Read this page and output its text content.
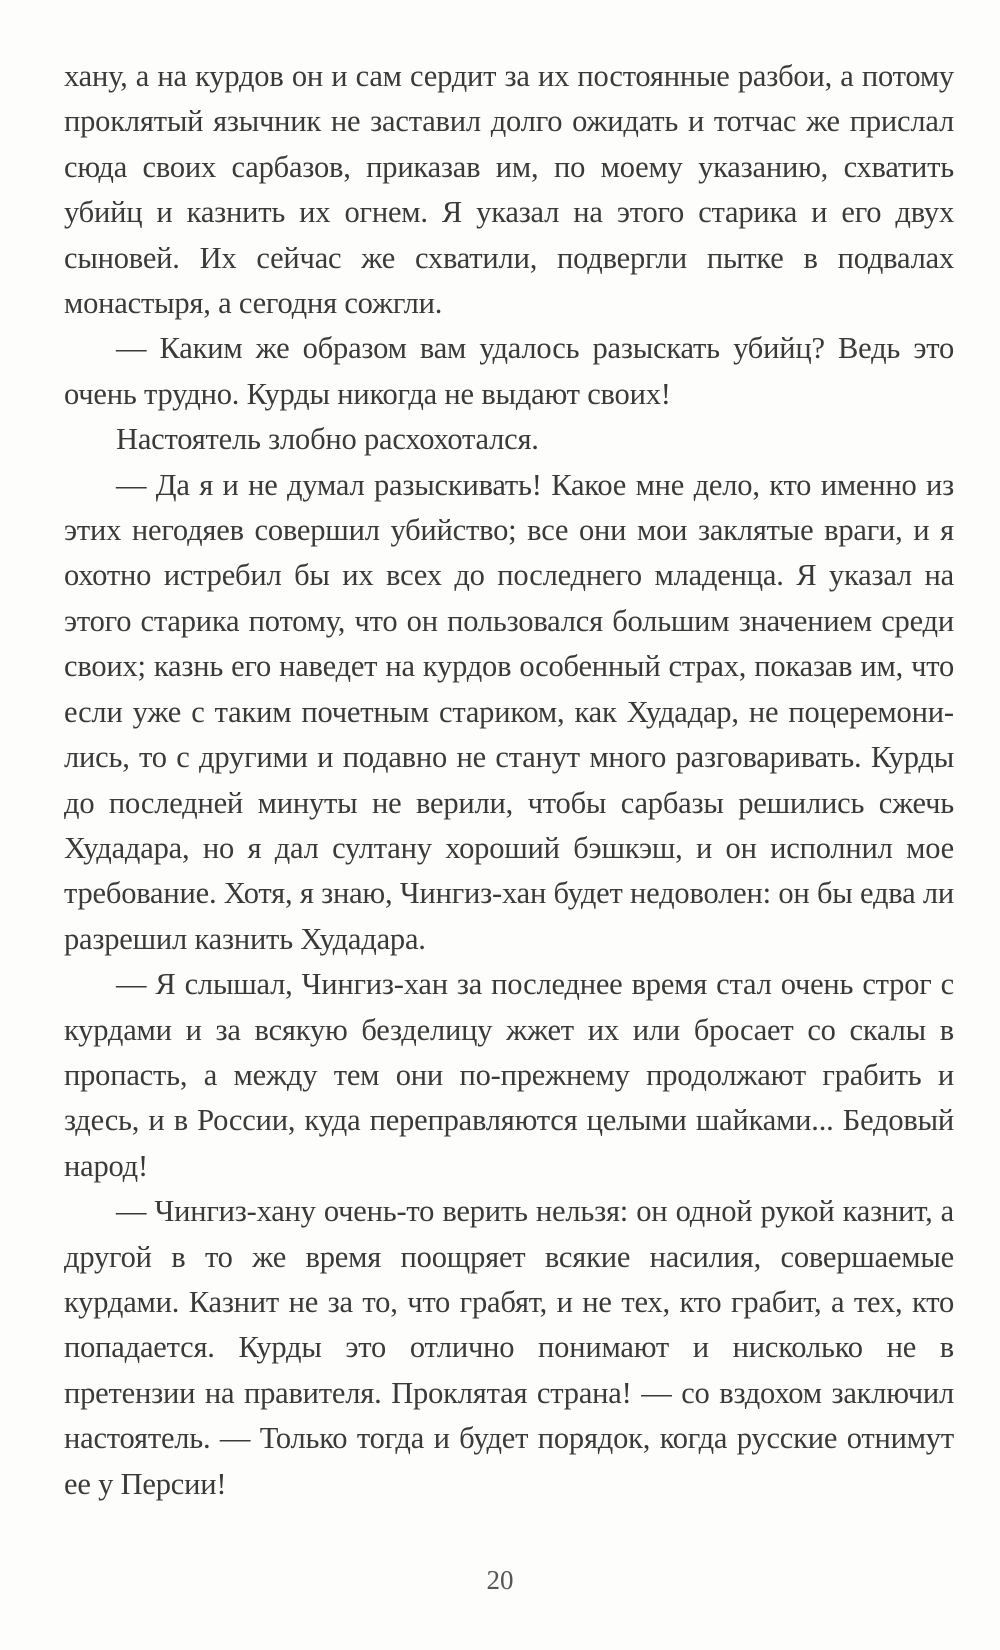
хану, а на курдов он и сам сердит за их постоянные разбои, а потому проклятый язычник не заставил долго ожидать и тотчас же прислал сюда своих сарбазов, приказав им, по моему указанию, схватить убийц и казнить их огнем. Я указал на этого старика и его двух сыновей. Их сейчас же схватили, подвергли пытке в подвалах монастыря, а сегодня сожгли.

— Каким же образом вам удалось разыскать убийц? Ведь это очень трудно. Курды никогда не выдают своих!

Настоятель злобно расхохотался.

— Да я и не думал разыскивать! Какое мне дело, кто именно из этих негодяев совершил убийство; все они мои заклятые враги, и я охотно истребил бы их всех до последнего младенца. Я указал на этого старика потому, что он пользовался большим значением среди своих; казнь его наведет на курдов особенный страх, показав им, что если уже с таким почетным стариком, как Худадар, не поцеремонились, то с другими и подавно не станут много разговаривать. Курды до последней минуты не верили, чтобы сарбазы решились сжечь Худадара, но я дал султану хороший бэшкэш, и он исполнил мое требование. Хотя, я знаю, Чингиз-хан будет недоволен: он бы едва ли разрешил казнить Худадара.

— Я слышал, Чингиз-хан за последнее время стал очень строг с курдами и за всякую безделицу жжет их или бросает со скалы в пропасть, а между тем они по-прежнему продолжают грабить и здесь, и в России, куда переправляются целыми шайками... Бедовый народ!

— Чингиз-хану очень-то верить нельзя: он одной рукой казнит, а другой в то же время поощряет всякие насилия, совершаемые курдами. Казнит не за то, что грабят, и не тех, кто грабит, а тех, кто попадается. Курды это отлично понимают и нисколько не в претензии на правителя. Проклятая страна! — со вздохом заключил настоятель. — Только тогда и будет порядок, когда русские отнимут ее у Персии!

20
